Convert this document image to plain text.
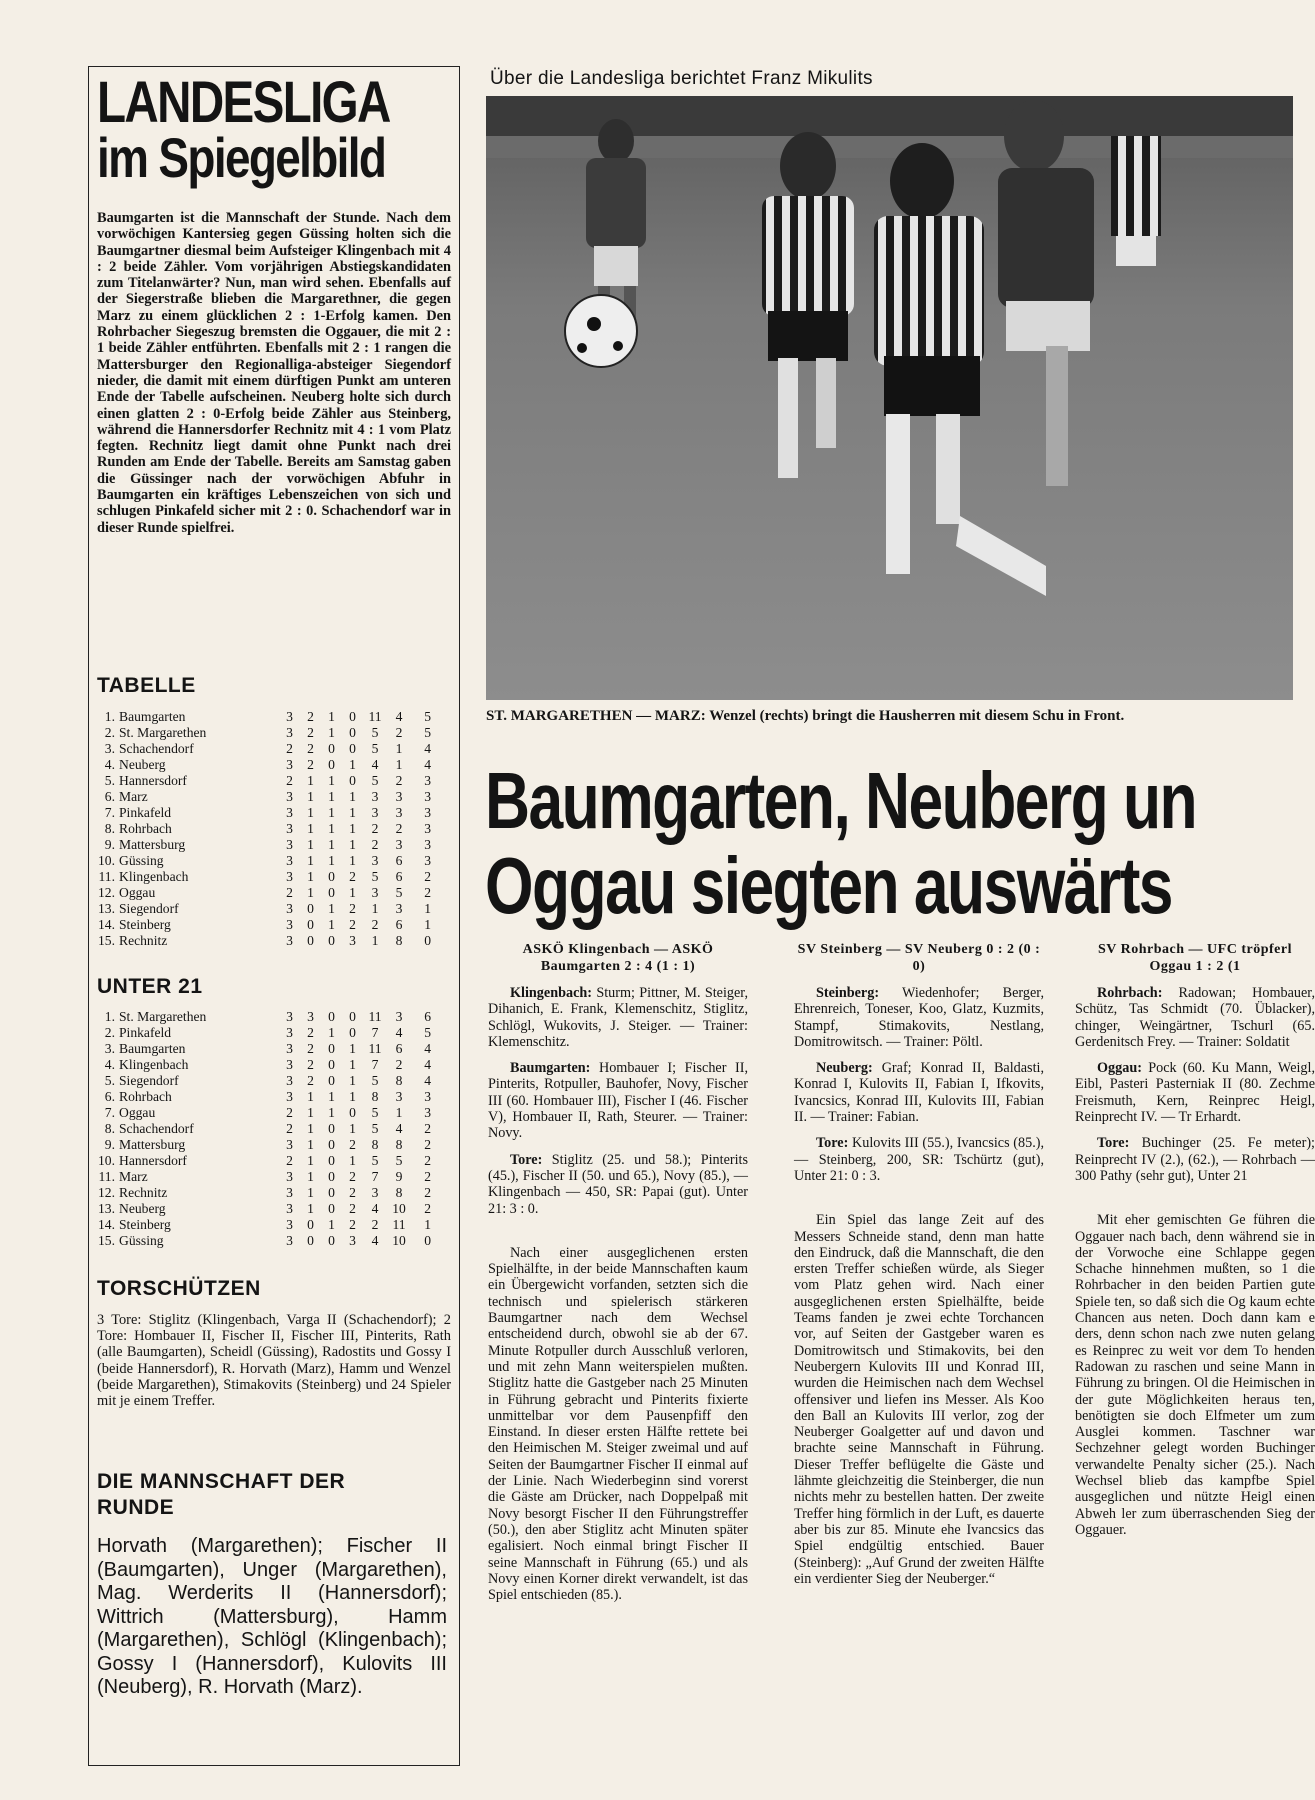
LANDESLIGA
im Spiegelbild

Baumgarten ist die Mannschaft der Stunde. Nach dem vorwöchigen Kantersieg gegen Güssing holten sich die Baumgartner diesmal beim Aufsteiger Klingenbach mit 4 : 2 beide Zähler. Vom vorjährigen Abstiegskandidaten zum Titelanwärter? Nun, man wird sehen. Ebenfalls auf der Siegerstraße blieben die Margarethner, die gegen Marz zu einem glücklichen 2 : 1-Erfolg kamen. Den Rohrbacher Siegeszug bremsten die Oggauer, die mit 2 : 1 beide Zähler entführten. Ebenfalls mit 2 : 1 rangen die Mattersburger den Regionalliga-absteiger Siegendorf nieder, die damit mit einem dürftigen Punkt am unteren Ende der Tabelle aufscheinen. Neuberg holte sich durch einen glatten 2 : 0-Erfolg beide Zähler aus Steinberg, während die Hannersdorfer Rechnitz mit 4 : 1 vom Platz fegten. Rechnitz liegt damit ohne Punkt nach drei Runden am Ende der Tabelle. Bereits am Samstag gaben die Güssinger nach der vorwöchigen Abfuhr in Baumgarten ein kräftiges Lebenszeichen von sich und schlugen Pinkafeld sicher mit 2 : 0. Schachendorf war in dieser Runde spielfrei.

TABELLE
1.	Baumgarten	3	2	1	0	11	4	5
2.	St. Margarethen	3	2	1	0	5	2	5
3.	Schachendorf	2	2	0	0	5	1	4
4.	Neuberg	3	2	0	1	4	1	4
5.	Hannersdorf	2	1	1	0	5	2	3
6.	Marz	3	1	1	1	3	3	3
7.	Pinkafeld	3	1	1	1	3	3	3
8.	Rohrbach	3	1	1	1	2	2	3
9.	Mattersburg	3	1	1	1	2	3	3
10.	Güssing	3	1	1	1	3	6	3
11.	Klingenbach	3	1	0	2	5	6	2
12.	Oggau	2	1	0	1	3	5	2
13.	Siegendorf	3	0	1	2	1	3	1
14.	Steinberg	3	0	1	2	2	6	1
15.	Rechnitz	3	0	0	3	1	8	0
UNTER 21
1.	St. Margarethen	3	3	0	0	11	3	6
2.	Pinkafeld	3	2	1	0	7	4	5
3.	Baumgarten	3	2	0	1	11	6	4
4.	Klingenbach	3	2	0	1	7	2	4
5.	Siegendorf	3	2	0	1	5	8	4
6.	Rohrbach	3	1	1	1	8	3	3
7.	Oggau	2	1	1	0	5	1	3
8.	Schachendorf	2	1	0	1	5	4	2
9.	Mattersburg	3	1	0	2	8	8	2
10.	Hannersdorf	2	1	0	1	5	5	2
11.	Marz	3	1	0	2	7	9	2
12.	Rechnitz	3	1	0	2	3	8	2
13.	Neuberg	3	1	0	2	4	10	2
14.	Steinberg	3	0	1	2	2	11	1
15.	Güssing	3	0	0	3	4	10	0
TORSCHÜTZEN

3 Tore: Stiglitz (Klingenbach, Varga II (Schachendorf); 2 Tore: Hombauer II, Fischer II, Fischer III, Pinterits, Rath (alle Baumgarten), Scheidl (Güssing), Radostits und Gossy I (beide Hannersdorf), R. Horvath (Marz), Hamm und Wenzel (beide Margarethen), Stimakovits (Steinberg) und 24 Spieler mit je einem Treffer.

DIE MANNSCHAFT DER RUNDE

Horvath (Margarethen); Fischer II (Baumgarten), Unger (Margarethen), Mag. Werderits II (Hannersdorf); Wittrich (Mattersburg), Hamm (Margarethen), Schlögl (Klingenbach); Gossy I (Hannersdorf), Kulovits III (Neuberg), R. Horvath (Marz).

Über die Landesliga berichtet Franz Mikulits
ST. MARGARETHEN — MARZ: Wenzel (rechts) bringt die Hausherren mit diesem Schu in Front.
Baumgarten, Neuberg un
Oggau siegten auswärts
ASKÖ Klingenbach — ASKÖ Baumgarten 2 : 4 (1 : 1)

Klingenbach: Sturm; Pittner, M. Steiger, Dihanich, E. Frank, Klemenschitz, Stiglitz, Schlögl, Wukovits, J. Steiger. — Trainer: Klemenschitz.

Baumgarten: Hombauer I; Fischer II, Pinterits, Rotpuller, Bauhofer, Novy, Fischer III (60. Hombauer III), Fischer I (46. Fischer V), Hombauer II, Rath, Steurer. — Trainer: Novy.

Tore: Stiglitz (25. und 58.); Pinterits (45.), Fischer II (50. und 65.), Novy (85.), — Klingenbach — 450, SR: Papai (gut). Unter 21: 3 : 0.

Nach einer ausgeglichenen ersten Spielhälfte, in der beide Mannschaften kaum ein Übergewicht vorfanden, setzten sich die technisch und spielerisch stärkeren Baumgartner nach dem Wechsel entscheidend durch, obwohl sie ab der 67. Minute Rotpuller durch Ausschluß verloren, und mit zehn Mann weiterspielen mußten. Stiglitz hatte die Gastgeber nach 25 Minuten in Führung gebracht und Pinterits fixierte unmittelbar vor dem Pausenpfiff den Einstand. In dieser ersten Hälfte rettete bei den Heimischen M. Steiger zweimal und auf Seiten der Baumgartner Fischer II einmal auf der Linie. Nach Wiederbeginn sind vorerst die Gäste am Drücker, nach Doppelpaß mit Novy besorgt Fischer II den Führungstreffer (50.), den aber Stiglitz acht Minuten später egalisiert. Noch einmal bringt Fischer II seine Mannschaft in Führung (65.) und als Novy einen Korner direkt verwandelt, ist das Spiel entschieden (85.).

SV Steinberg — SV Neuberg 0 : 2 (0 : 0)

Steinberg: Wiedenhofer; Berger, Ehrenreich, Toneser, Koo, Glatz, Kuzmits, Stampf, Stimakovits, Nestlang, Domitrowitsch. — Trainer: Pöltl.

Neuberg: Graf; Konrad II, Baldasti, Konrad I, Kulovits II, Fabian I, Ifkovits, Ivancsics, Konrad III, Kulovits III, Fabian II. — Trainer: Fabian.

Tore: Kulovits III (55.), Ivancsics (85.), — Steinberg, 200, SR: Tschürtz (gut), Unter 21: 0 : 3.

Ein Spiel das lange Zeit auf des Messers Schneide stand, denn man hatte den Eindruck, daß die Mannschaft, die den ersten Treffer schießen würde, als Sieger vom Platz gehen wird. Nach einer ausgeglichenen ersten Spielhälfte, beide Teams fanden je zwei echte Torchancen vor, auf Seiten der Gastgeber waren es Domitrowitsch und Stimakovits, bei den Neubergern Kulovits III und Konrad III, wurden die Heimischen nach dem Wechsel offensiver und liefen ins Messer. Als Koo den Ball an Kulovits III verlor, zog der Neuberger Goalgetter auf und davon und brachte seine Mannschaft in Führung. Dieser Treffer beflügelte die Gäste und lähmte gleichzeitig die Steinberger, die nun nichts mehr zu bestellen hatten. Der zweite Treffer hing förmlich in der Luft, es dauerte aber bis zur 85. Minute ehe Ivancsics das Spiel endgültig entschied. Bauer (Steinberg): „Auf Grund der zweiten Hälfte ein verdienter Sieg der Neuberger.“

SV Rohrbach — UFC tröpferl Oggau 1 : 2 (1

Rohrbach: Radowan; Hombauer, Schütz, Tas Schmidt (70. Üblacker), chinger, Weingärtner, Tschurl (65. Gerdenitsch Frey. — Trainer: Soldatit

Oggau: Pock (60. Ku Mann, Weigl, Eibl, Pasteri Pasterniak II (80. Zechme Freismuth, Kern, Reinprec Heigl, Reinprecht IV. — Tr Erhardt.

Tore: Buchinger (25. Fe meter); Reinprecht IV (2.), (62.), — Rohrbach — 300 Pathy (sehr gut), Unter 21

Mit eher gemischten Ge führen die Oggauer nach bach, denn während sie in der Vorwoche eine Schlappe gegen Schache hinnehmen mußten, so 1 die Rohrbacher in den beiden Partien gute Spiele ten, so daß sich die Og kaum echte Chancen aus neten. Doch dann kam e ders, denn schon nach zwe nuten gelang es Reinprec zu weit vor dem To henden Radowan zu raschen und seine Mann in Führung zu bringen. Ol die Heimischen in der gute Möglichkeiten heraus ten, benötigten sie doch Elfmeter um zum Ausglei kommen. Taschner war Sechzehner gelegt worden Buchinger verwandelte Penalty sicher (25.). Nach Wechsel blieb das kampfbe Spiel ausgeglichen und nützte Heigl einen Abweh ler zum überraschenden Sieg der Oggauer.
